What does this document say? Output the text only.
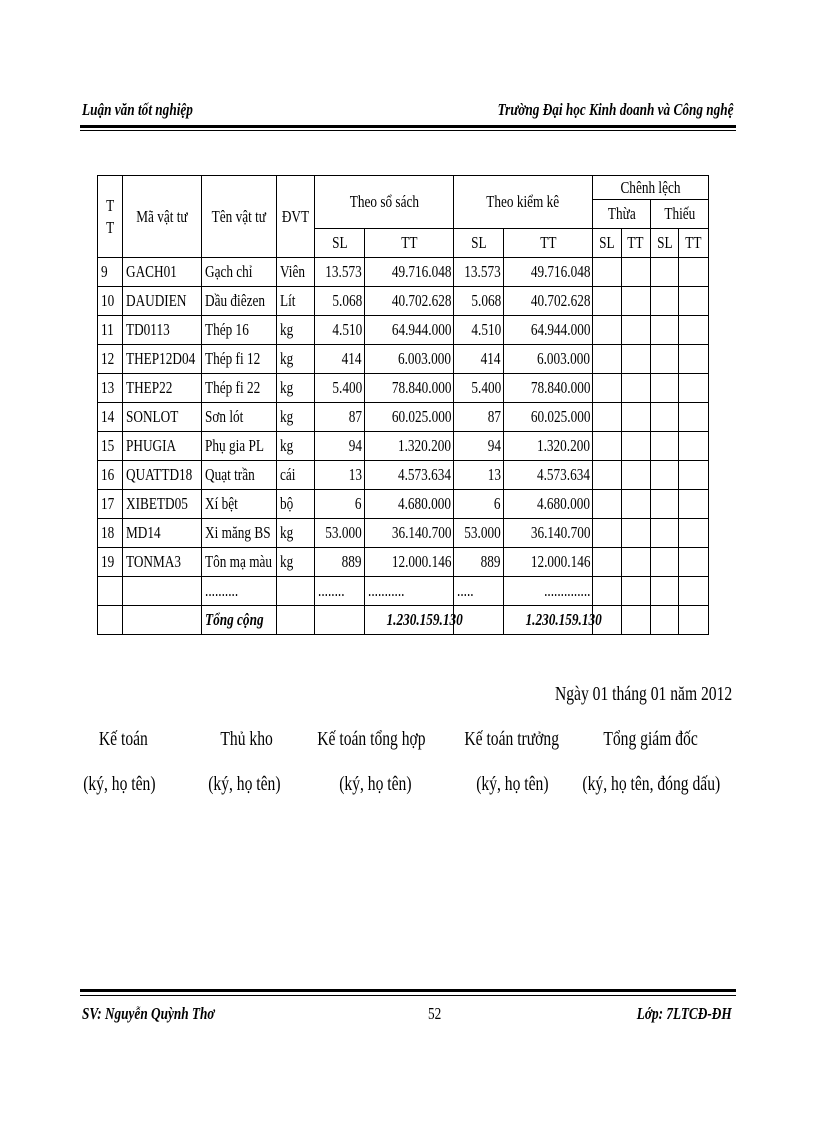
Luận văn tốt nghiệp	Trường Đại học Kinh doanh và Công nghệ
T
T	Mã vật tư	Tên vật tư	ĐVT	Theo sổ sách		Theo kiểm kê		Chênh lệch			
								Thừa		Thiếu	
				SL	TT	SL	TT	SL	TT	SL	TT
9	GACH01	Gạch chỉ	Viên	13.573	49.716.048	13.573	49.716.048				
10	DAUDIEN	Dầu điêzen	Lít	5.068	40.702.628	5.068	40.702.628				
11	TD0113	Thép 16	kg	4.510	64.944.000	4.510	64.944.000				
12	THEP12D04	Thép fi 12	kg	414	6.003.000	414	6.003.000				
13	THEP22	Thép fi 22	kg	5.400	78.840.000	5.400	78.840.000				
14	SONLOT	Sơn lót	kg	87	60.025.000	87	60.025.000				
15	PHUGIA	Phụ gia PL	kg	94	1.320.200	94	1.320.200				
16	QUATTD18	Quạt trần	cái	13	4.573.634	13	4.573.634				
17	XIBETD05	Xí bệt	bộ	6	4.680.000	6	4.680.000				
18	MD14	Xi măng BS	kg	53.000	36.140.700	53.000	36.140.700				
19	TONMA3	Tôn mạ màu	kg	889	12.000.146	889	12.000.146				
		..........		........	...........	.....	..............				
		Tổng cộng			1.230.159.130		1.230.159.130				
Ngày 01 tháng 01 năm 2012
Kế toán	Thủ kho	Kế toán tổng hợp	Kế toán trưởng	Tổng giám đốc
(ký, họ tên)	(ký, họ tên)	(ký, họ tên)	(ký, họ tên)	(ký, họ tên, đóng dấu)
SV: Nguyễn Quỳnh Thơ	52	Lớp: 7LTCĐ-ĐH
